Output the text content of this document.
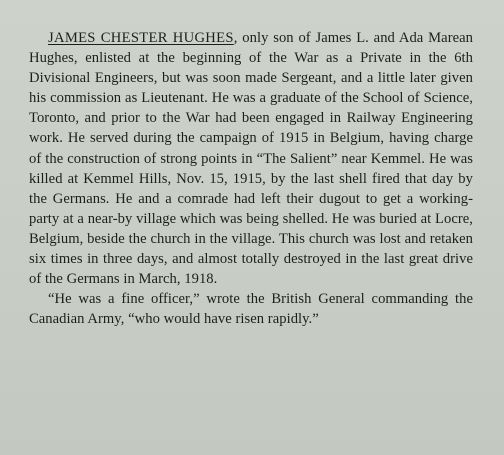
JAMES CHESTER HUGHES, only son of James L. and Ada Marean Hughes, enlisted at the beginning of the War as a Private in the 6th Divisional Engineers, but was soon made Sergeant, and a little later given his commission as Lieutenant. He was a graduate of the School of Science, Toronto, and prior to the War had been engaged in Railway Engineering work. He served during the campaign of 1915 in Belgium, having charge of the construction of strong points in “The Salient” near Kemmel. He was killed at Kemmel Hills, Nov. 15, 1915, by the last shell fired that day by the Germans. He and a comrade had left their dugout to get a working-party at a near-by village which was being shelled. He was buried at Locre, Belgium, beside the church in the village. This church was lost and retaken six times in three days, and almost totally destroyed in the last great drive of the Germans in March, 1918.

“He was a fine officer,” wrote the British General commanding the Canadian Army, “who would have risen rapidly.”
